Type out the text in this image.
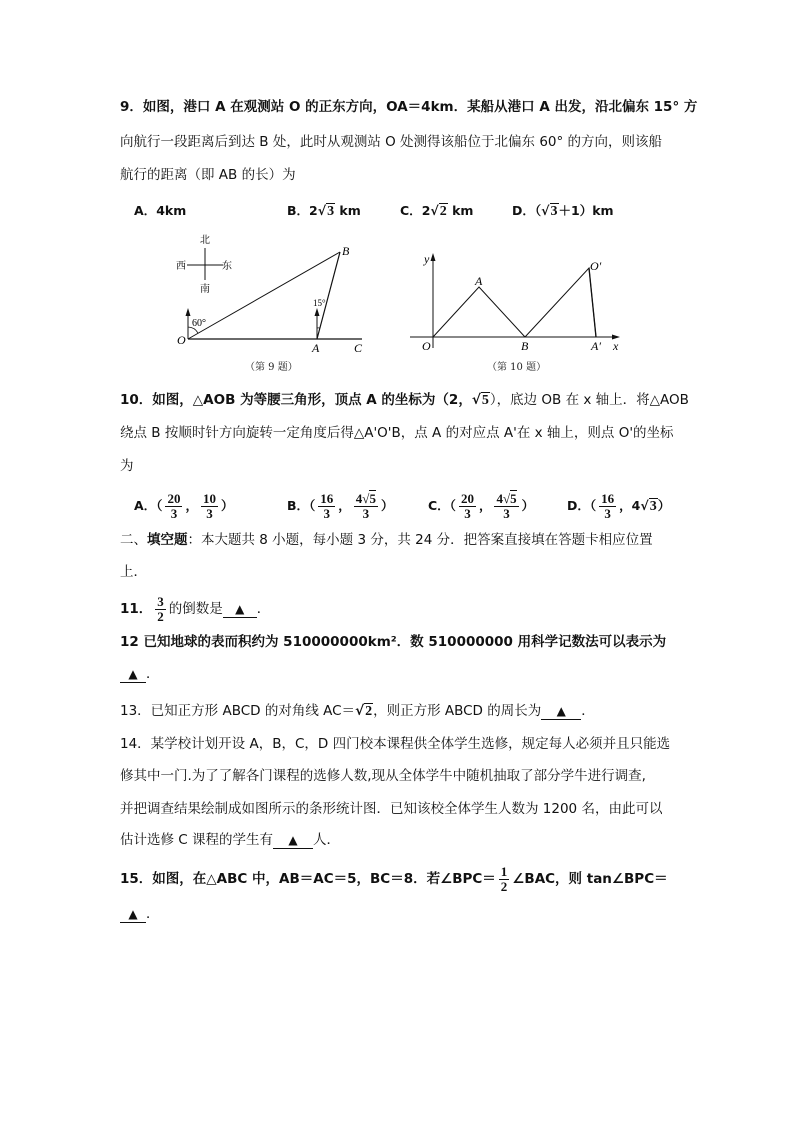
9．如图，港口 A 在观测站 O 的正东方向，OA＝4km．某船从港口 A 出发，沿北偏东 15° 方
向航行一段距离后到达 B 处，此时从观测站 O 处测得该船位于北偏东 60° 的方向，则该船
航行的距离（即 AB 的长）为
A．4km	B．2√3 km	C．2√2 km	D．（√3＋1）km
北
南
西	东
60°
15°
O
A
B
C
（第 9 题）
y
x
O
A
B
O′
A′
（第 10 题）
10．如图，△AOB 为等腰三角形，顶点 A 的坐标为（2，√5），底边 OB 在 x 轴上．将△AOB
绕点 B 按顺时针方向旋转一定角度后得△A'O'B，点 A 的对应点 A'在 x 轴上，则点 O'的坐标
为
A．（ $\frac{20}{3}$ ， $\frac{10}{3}$ ）	B．（ $\frac{16}{3}$ ， $\frac{4√5}{3}$ ）	C．（ $\frac{20}{3}$ ， $\frac{4√5}{3}$ ）	D．（ $\frac{16}{3}$ ，4√3）
二、填空题：本大题共 8 小题，每小题 3 分，共 24 分．把答案直接填在答题卡相应位置
上．
11． $\frac{3}{2}$ 的倒数是 ▲ ．
12 已知地球的表而积约为 510000000km²．数 510000000 用科学记数法可以表示为
▲ ．
13．已知正方形 ABCD 的对角线 AC＝√2，则正方形 ABCD 的周长为 ▲ ．
14．某学校计划开设 A，B，C，D 四门校本课程供全体学生选修，规定每人必须并且只能选
修其中一门.为了了解各门课程的选修人数,现从全体学牛中随机抽取了部分学牛进行调查,
并把调查结果绘制成如图所示的条形统计图．已知该校全体学生人数为 1200 名，由此可以
估计选修 C 课程的学生有 ▲ 人．
15．如图，在△ABC 中，AB＝AC＝5，BC＝8．若∠BPC＝ $\frac{1}{2}$ ∠BAC，则 tan∠BPC＝
▲ ．
